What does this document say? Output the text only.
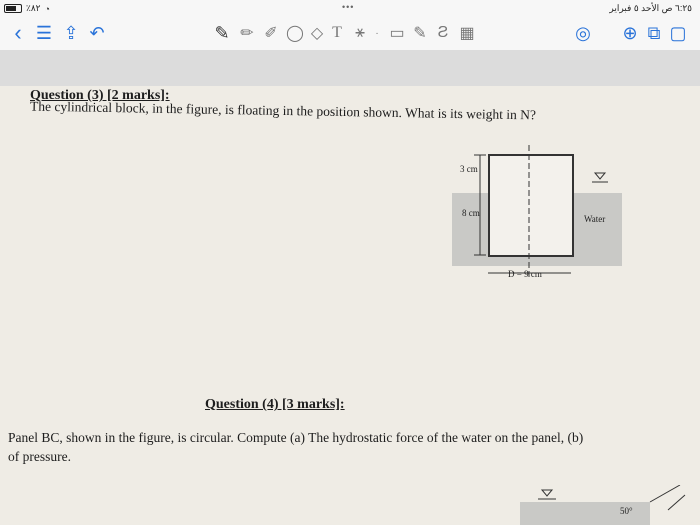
٪٨٢ ◔	•••	٦:٢٥ ص الأحد ٥ فبراير
‹ ☰ ⇪ ↶	✎ ✏ ✐ ◯ ◇ T ⚹	· ▭ ✎ Ƨ ▦	◎ ⊕ ⧉ ▢
Question (3) [2 marks]:
The cylindrical block, in the figure, is floating in the position shown. What is its weight in N?
3 cm
8 cm
Water
D = 9 cm
Question (4) [3 marks]:
Panel BC, shown in the figure, is circular. Compute (a) The hydrostatic force of the water on the panel, (b)
of pressure.
50°
